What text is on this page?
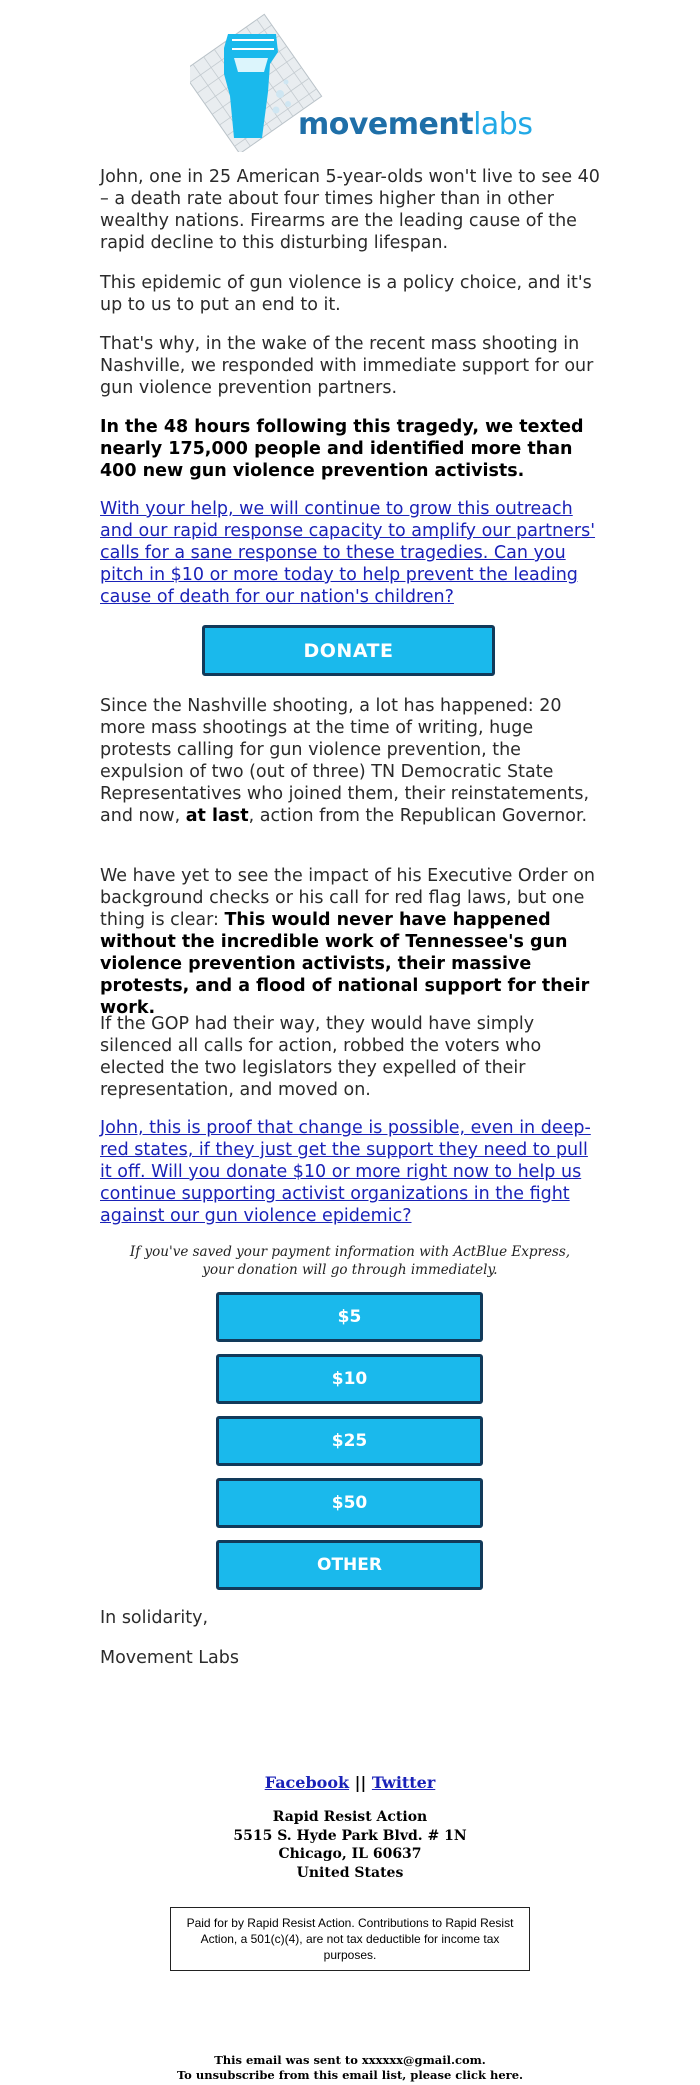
movementlabs

John, one in 25 American 5-year-olds won't live to see 40 – a death rate about four times higher than in other wealthy nations. Firearms are the leading cause of the rapid decline to this disturbing lifespan.

This epidemic of gun violence is a policy choice, and it's up to us to put an end to it.

That's why, in the wake of the recent mass shooting in Nashville, we responded with immediate support for our gun violence prevention partners.

In the 48 hours following this tragedy, we texted nearly 175,000 people and identified more than 400 new gun violence prevention activists.

With your help, we will continue to grow this outreach and our rapid response capacity to amplify our partners' calls for a sane response to these tragedies. Can you pitch in $10 or more today to help prevent the leading cause of death for our nation's children?

DONATE

Since the Nashville shooting, a lot has happened: 20 more mass shootings at the time of writing, huge protests calling for gun violence prevention, the expulsion of two (out of three) TN Democratic State Representatives who joined them, their reinstatements, and now, at last, action from the Republican Governor.

We have yet to see the impact of his Executive Order on background checks or his call for red flag laws, but one thing is clear: This would never have happened without the incredible work of Tennessee's gun violence prevention activists, their massive protests, and a flood of national support for their work.

If the GOP had their way, they would have simply silenced all calls for action, robbed the voters who elected the two legislators they expelled of their representation, and moved on.

John, this is proof that change is possible, even in deep-red states, if they just get the support they need to pull it off. Will you donate $10 or more right now to help us continue supporting activist organizations in the fight against our gun violence epidemic?

If you've saved your payment information with ActBlue Express, your donation will go through immediately.

$5
$10
$25
$50
OTHER

In solidarity,

Movement Labs

Facebook || Twitter

Rapid Resist Action
5515 S. Hyde Park Blvd. # 1N
Chicago, IL 60637
United States
Paid for by Rapid Resist Action. Contributions to Rapid Resist Action, a 501(c)(4), are not tax deductible for income tax purposes.
This email was sent to xxxxxx@gmail.com.
To unsubscribe from this email list, please click here.
